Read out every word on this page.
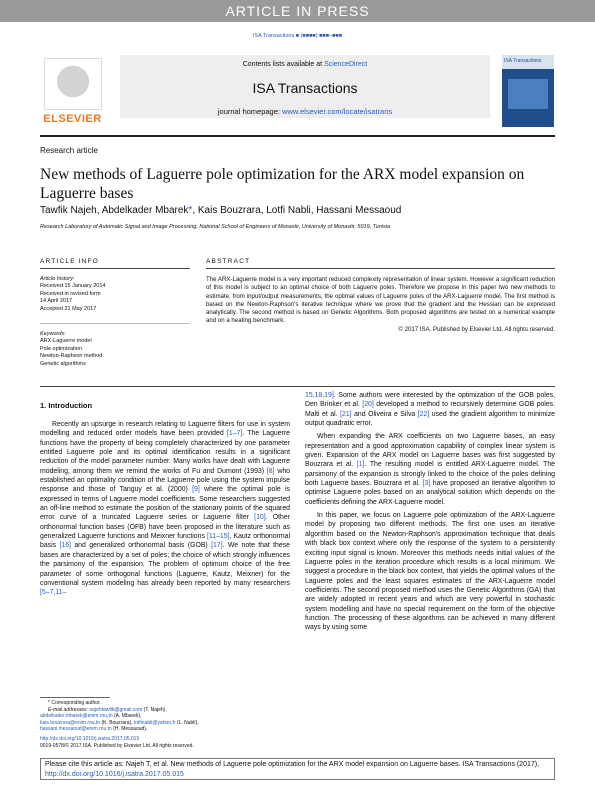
ARTICLE IN PRESS
ISA Transactions ■ (■■■■) ■■■–■■■
ELSEVIER
Contents lists available at ScienceDirect
ISA Transactions
journal homepage: www.elsevier.com/locate/isatrans
ISA Transactions
Research article
New methods of Laguerre pole optimization for the ARX model expansion on Laguerre bases
Tawfik Najeh, Abdelkader Mbarek*, Kais Bouzrara, Lotfi Nabli, Hassani Messaoud
Research Laboratory of Automatic Signal and Image Processing, National School of Engineers of Monastir, University of Monastir, 5019, Tunisia
ARTICLE INFO	ABSTRACT
Article history:
Received 15 January 2014
Received in revised form
14 April 2017
Accepted 21 May 2017
Keywords:
ARX-Laguerre model
Pole optimization
Newton-Raphson method
Genetic algorithms
The ARX-Laguerre model is a very important reduced complexity representation of linear system. However a significant reduction of this model is subject to an optimal choice of both Laguerre poles. Therefore we propose in this paper two new methods to estimate, from input/output measurements, the optimal values of Laguerre poles of the ARX-Laguerre model. The first method is based on the Newton-Raphson's iterative technique where we prove that the gradient and the Hessian can be expressed analytically. The second method is based on Genetic Algorithms. Both proposed algorithms are tested on a numerical example and on a heating benchmark.
© 2017 ISA. Published by Elsevier Ltd. All rights reserved.
1. Introduction

Recently an upsurge in research relating to Laguerre filters for use in system modelling and reduced order models have been provided [1–7]. The Laguerre functions have the property of being completely characterized by one parameter entitled Laguerre pole and its optimal identification results in a significant reduction of the model parameter number. Many works have dealt with Laguerre modeling, among them we remind the works of Fu and Dumont (1993) [8] who established an optimality condition of the Laguerre pole using the system impulse response and those of Tanguy et al. (2000) [9] where the optimal pole is expressed in terms of Laguerre model coefficients. Some researchers suggested an off-line method to estimate the position of the stationary points of the squared error curve of a truncated Laguerre series or Laguerre filter [10]. Other orthonormal function bases (OFB) have been proposed in the literature such as generalized Laguerre functions and Meixner functions [11–15], Kautz orthonormal basis [16] and generalized orthonormal basis (GOB) [17]. We note that these bases are characterized by a set of poles; the choice of which strongly influences the parsimony of the expansion. The problem of optimum choice of the free parameter of some orthogonal functions (Laguerre, Kautz, Meixner) for the conventional system modeling has already been reported by many researchers [5–7,11–

15,18,19]. Some authors were interested by the optimization of the GOB poles, Den Brinker et al. [20] developed a method to recursively determine GOB poles. Malti et al. [21] and Oliveira e Silva [22] used the gradient algorithm to minimize output quadratic error.

When expanding the ARX coefficients on two Laguerre bases, an easy representation and a good approximation capability of complex linear system is given. Expansion of the ARX model on Laguerre bases was first suggested by Bouzrara et al. [1]. The resulting model is entitled ARX-Laguerre model. The parsimony of the expansion is strongly linked to the choice of the poles defining both Laguerre bases. Bouzrara et al. [3] have proposed an iterative algorithm to optimise Laguerre poles based on an analytical solution which depends on the coefficients defining the ARX-Laguerre model.

In this paper, we focus on Laguerre pole optimization of the ARX-Laguerre model by proposing two different methods. The first one uses an iterative algorithm based on the Newton-Raphson's approximation technique that deals with black box context where only the response of the system to a persistently exciting input signal is known. Moreover this methods needs initial values of the Laguerre poles in the iteration procedure which results is a local minimum. We suggest a procedure in the black box context, that yields the optimal values of the Laguerre poles and the least squares estimates of the ARX-Laguerre model coefficients. The second proposed method uses the Genetic Algorithms (GA) that are widely adopted in recent years and which are very powerful in stochastic system modelling and have no special requirement on the form of the objective function. The processing of these algorithms can be achieved in many different ways by using some

* Corresponding author.
E-mail addresses: najehtawfik@gmail.com (T. Najeh),
abdelkader.mbarek@enim.rnu.tn (A. Mbarek),
kais.bouzrara@enim.rnu.tn (K. Bouzrara), lotfinabli@yahoo.fr (L. Nabli),
hassani.messaoud@enim.rnu.tn (H. Messaoud).
http://dx.doi.org/10.1016/j.isatra.2017.05.015
0019-0578/© 2017 ISA. Published by Elsevier Ltd. All rights reserved.
Please cite this article as: Najeh T, et al. New methods of Laguerre pole optimization for the ARX model expansion on Laguerre bases. ISA Transactions (2017), http://dx.doi.org/10.1016/j.isatra.2017.05.015
